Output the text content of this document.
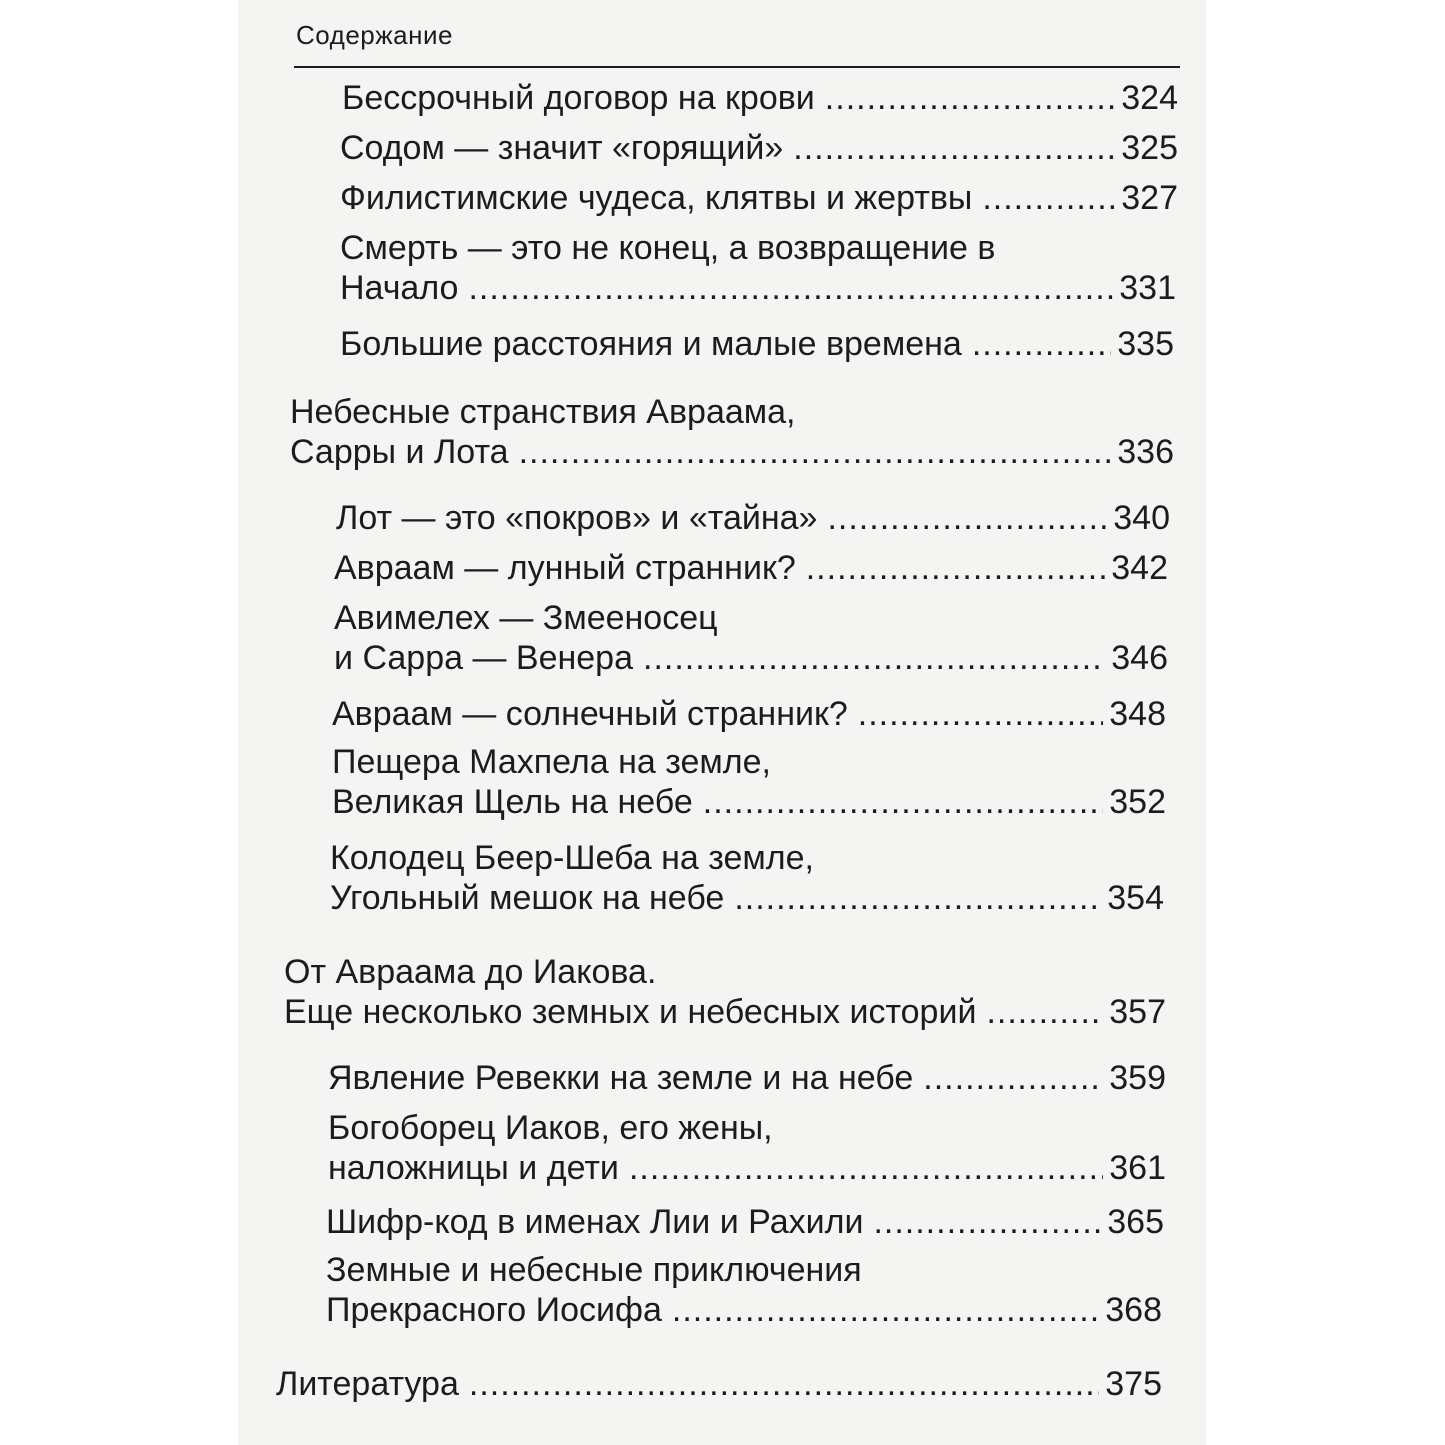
Содержание
Бессрочный договор на крови .....	324
Содом — значит «горящий» .....	325
Филистимские чудеса, клятвы и жертвы .....	327
Смерть — это не конец, а возвращение в
Начало .....	331
Большие расстояния и малые времена .....	335
Небесные странствия Авраама,
Сарры и Лота .....	336
Лот — это «покров» и «тайна» .....	340
Авраам — лунный странник? .....	342
Авимелех — Змееносец
и Сарра — Венера .....	346
Авраам — солнечный странник? .....	348
Пещера Махпела на земле,
Великая Щель на небе .....	352
Колодец Беер-Шеба на земле,
Угольный мешок на небе .....	354
От Авраама до Иакова.
Еще несколько земных и небесных историй .....	357
Явление Ревекки на земле и на небе .....	359
Богоборец Иаков, его жены,
наложницы и дети .....	361
Шифр-код в именах Лии и Рахили .....	365
Земные и небесные приключения
Прекрасного Иосифа .....	368
Литература .....	375
